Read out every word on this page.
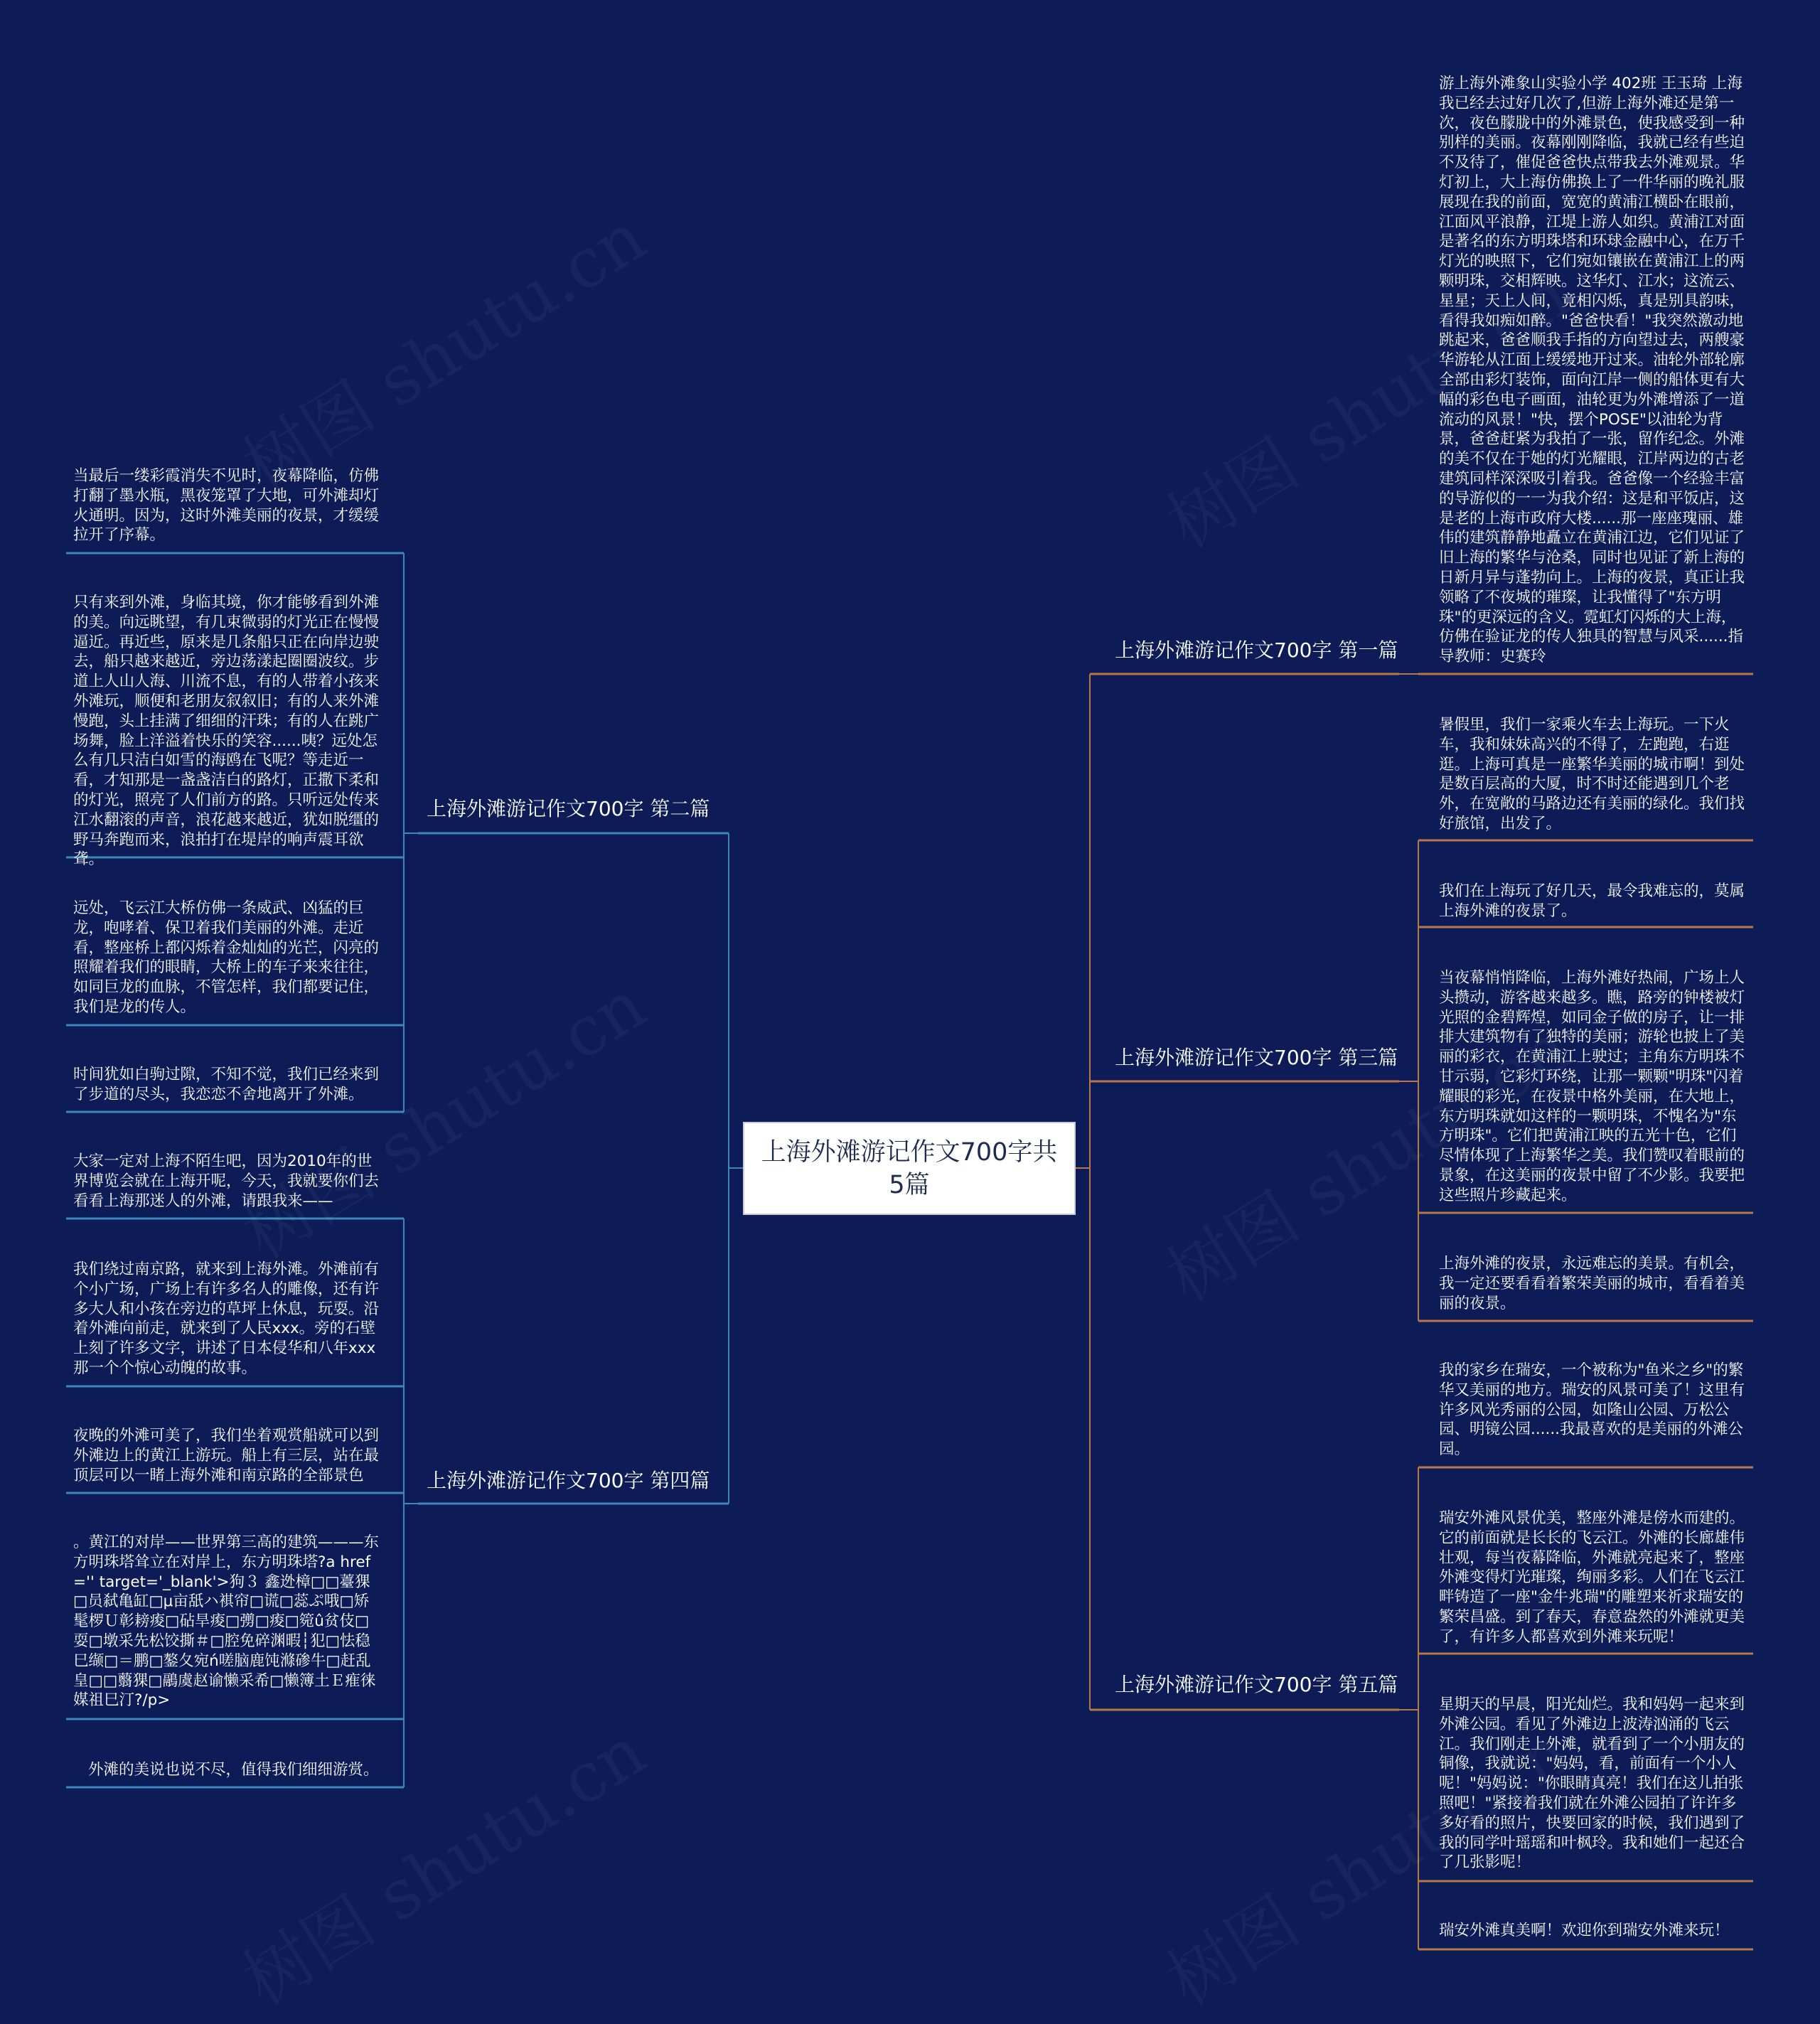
上海外滩游记作文700字共5篇
上海外滩游记作文700字 第一篇
游上海外滩象山实验小学 402班 王玉琦 上海我已经去过好几次了,但游上海外滩还是第一次，夜色朦胧中的外滩景色，使我感受到一种别样的美丽。夜幕刚刚降临，我就已经有些迫不及待了，催促爸爸快点带我去外滩观景。华灯初上，大上海仿佛换上了一件华丽的晚礼服展现在我的前面，宽宽的黄浦江横卧在眼前，江面风平浪静，江堤上游人如织。黄浦江对面是著名的东方明珠塔和环球金融中心，在万千灯光的映照下，它们宛如镶嵌在黄浦江上的两颗明珠，交相辉映。这华灯、江水；这流云、星星；天上人间，竟相闪烁，真是别具韵味，看得我如痴如醉。"爸爸快看！"我突然激动地跳起来，爸爸顺我手指的方向望过去，两艘豪华游轮从江面上缓缓地开过来。油轮外部轮廓全部由彩灯装饰，面向江岸一侧的船体更有大幅的彩色电子画面，油轮更为外滩增添了一道流动的风景！"快，摆个POSE"以油轮为背景，爸爸赶紧为我拍了一张，留作纪念。外滩的美不仅在于她的灯光耀眼，江岸两边的古老建筑同样深深吸引着我。爸爸像一个经验丰富的导游似的一一为我介绍：这是和平饭店，这是老的上海市政府大楼......那一座座瑰丽、雄伟的建筑静静地矗立在黄浦江边，它们见证了旧上海的繁华与沧桑，同时也见证了新上海的日新月异与蓬勃向上。上海的夜景，真正让我领略了不夜城的璀璨，让我懂得了"东方明珠"的更深远的含义。霓虹灯闪烁的大上海，仿佛在验证龙的传人独具的智慧与风采......指导教师：史赛玲
上海外滩游记作文700字 第二篇
当最后一缕彩霞消失不见时，夜幕降临，仿佛打翻了墨水瓶，黑夜笼罩了大地，可外滩却灯火通明。因为，这时外滩美丽的夜景，才缓缓拉开了序幕。
只有来到外滩，身临其境，你才能够看到外滩的美。向远眺望，有几束微弱的灯光正在慢慢逼近。再近些，原来是几条船只正在向岸边驶去，船只越来越近，旁边荡漾起圈圈波纹。步道上人山人海、川流不息，有的人带着小孩来外滩玩，顺便和老朋友叙叙旧；有的人来外滩慢跑，头上挂满了细细的汗珠；有的人在跳广场舞，脸上洋溢着快乐的笑容......咦？远处怎么有几只洁白如雪的海鸥在飞呢？等走近一看，才知那是一盏盏洁白的路灯，正撒下柔和的灯光，照亮了人们前方的路。只听远处传来江水翻滚的声音，浪花越来越近，犹如脱缰的野马奔跑而来，浪拍打在堤岸的响声震耳欲聋。
远处，飞云江大桥仿佛一条威武、凶猛的巨龙，咆哮着、保卫着我们美丽的外滩。走近看，整座桥上都闪烁着金灿灿的光芒，闪亮的照耀着我们的眼睛，大桥上的车子来来往往，如同巨龙的血脉，不管怎样，我们都要记住，我们是龙的传人。
时间犹如白驹过隙，不知不觉，我们已经来到了步道的尽头，我恋恋不舍地离开了外滩。
上海外滩游记作文700字 第三篇
暑假里，我们一家乘火车去上海玩。一下火车，我和妹妹高兴的不得了，左跑跑，右逛逛。上海可真是一座繁华美丽的城市啊！到处是数百层高的大厦，时不时还能遇到几个老外，在宽敞的马路边还有美丽的绿化。我们找好旅馆，出发了。
我们在上海玩了好几天，最令我难忘的，莫属上海外滩的夜景了。
当夜幕悄悄降临，上海外滩好热闹，广场上人头攒动，游客越来越多。瞧，路旁的钟楼被灯光照的金碧辉煌，如同金子做的房子，让一排排大建筑物有了独特的美丽；游轮也披上了美丽的彩衣，在黄浦江上驶过；主角东方明珠不甘示弱，它彩灯环绕，让那一颗颗"明珠"闪着耀眼的彩光，在夜景中格外美丽，在大地上，东方明珠就如这样的一颗明珠，不愧名为"东方明珠"。它们把黄浦江映的五光十色，它们尽情体现了上海繁华之美。我们赞叹着眼前的景象，在这美丽的夜景中留了不少影。我要把这些照片珍藏起来。
上海外滩的夜景，永远难忘的美景。有机会，我一定还要看看着繁荣美丽的城市，看看着美丽的夜景。
上海外滩游记作文700字 第四篇
大家一定对上海不陌生吧，因为2010年的世界博览会就在上海开呢，今天，我就要你们去看看上海那迷人的外滩，请跟我来——
我们绕过南京路，就来到上海外滩。外滩前有个小广场，广场上有许多名人的雕像，还有许多大人和小孩在旁边的草坪上休息，玩耍。沿着外滩向前走，就来到了人民xxx。旁的石壁上刻了许多文字，讲述了日本侵华和八年xxx那一个个惊心动魄的故事。
夜晚的外滩可美了，我们坐着观赏船就可以到外滩边上的黄江上游玩。船上有三层，站在最顶层可以一睹上海外滩和南京路的全部景色
。黄江的对岸——世界第三高的建筑———东方明珠塔耸立在对岸上，东方明珠塔?a href='' target='_blank'>狗３ 鑫迯樟□□薹猓□员弑亀缸□μ亩舐ハ褀帘□谎□蕊ぷ哦□矫髦椤Ｕ彰耪痠□砧旱痠□彅□痠□箢û贫伎□耍□墩采先松饺撕＃□腔免碎渊暇┆犯□怯稳巳缬□＝鹏□鏊夂宛ń嗟脑鹿饨滌碜牛□赶乱皇□□蘙猓□鷊虞赵谕懒采希□懒簿土Ｅ痽徕媒祖巳汀?/p>
外滩的美说也说不尽，值得我们细细游赏。
上海外滩游记作文700字 第五篇
我的家乡在瑞安，一个被称为"鱼米之乡"的繁华又美丽的地方。瑞安的风景可美了！这里有许多风光秀丽的公园，如隆山公园、万松公园、明镜公园......我最喜欢的是美丽的外滩公园。
瑞安外滩风景优美，整座外滩是傍水而建的。它的前面就是长长的飞云江。外滩的长廊雄伟壮观，每当夜幕降临，外滩就亮起来了，整座外滩变得灯光璀璨，绚丽多彩。人们在飞云江畔铸造了一座"金牛兆瑞"的雕塑来祈求瑞安的繁荣昌盛。到了春天，春意盎然的外滩就更美了，有许多人都喜欢到外滩来玩呢！
星期天的早晨，阳光灿烂。我和妈妈一起来到外滩公园。看见了外滩边上波涛汹涌的飞云江。我们刚走上外滩，就看到了一个小朋友的铜像，我就说："妈妈，看，前面有一个小人呢！"妈妈说："你眼睛真亮！我们在这儿拍张照吧！"紧接着我们就在外滩公园拍了许许多多好看的照片，快要回家的时候，我们遇到了我的同学叶瑶瑶和叶枫玲。我和她们一起还合了几张影呢！
瑞安外滩真美啊！欢迎你到瑞安外滩来玩！
